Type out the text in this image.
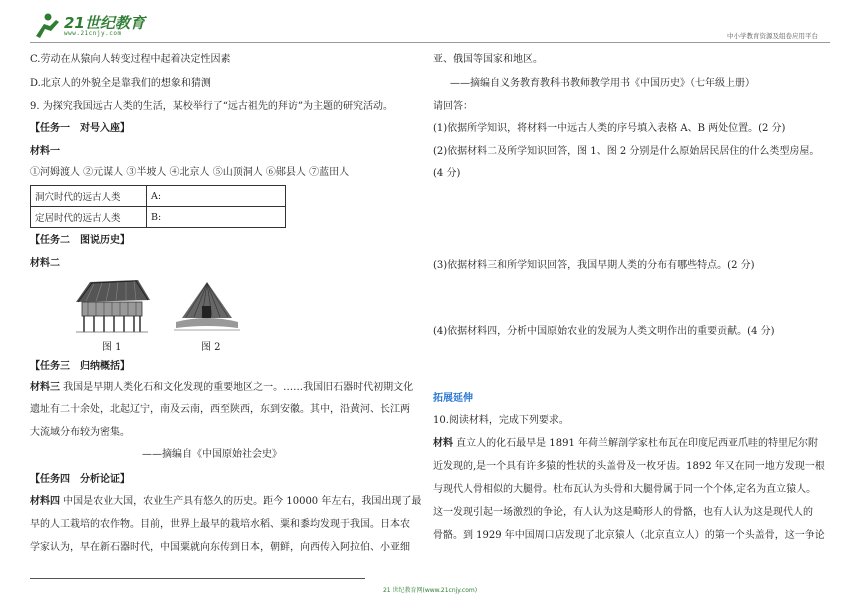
21世纪教育
www.21cnjy.com	中小学教育资源及组卷应用平台
C.劳动在从猿向人转变过程中起着决定性因素
D.北京人的外貌全是靠我们的想象和猜测
9. 为探究我国远古人类的生活，某校举行了“远古祖先的拜访”为主题的研究活动。
【任务一　对号入座】
材料一
①河姆渡人 ②元谋人 ③半坡人 ④北京人 ⑤山顶洞人 ⑥郧县人 ⑦蓝田人
洞穴时代的远古人类	A:
定居时代的远古人类	B:
【任务二　图说历史】
材料二
图 1	图 2
【任务三　归纳概括】
材料三 我国是早期人类化石和文化发现的重要地区之一。……我国旧石器时代初期文化
遗址有二十余处，北起辽宁，南及云南，西至陕西，东到安徽。其中，沿黄河、长江两
大流域分布较为密集。
——摘编自《中国原始社会史》
【任务四　分析论证】
材料四 中国是农业大国，农业生产具有悠久的历史。距今 10000 年左右，我国出现了最
早的人工栽培的农作物。目前，世界上最早的栽培水稻、粟和黍均发现于我国。日本农
学家认为，早在新石器时代，中国粟就向东传到日本，朝鲜，向西传入阿拉伯、小亚细
亚、俄国等国家和地区。
——摘编自义务教育教科书教师教学用书《中国历史》（七年级上册）
请回答：
(1)依据所学知识，将材料一中远古人类的序号填入表格 A、B 两处位置。(2 分)
(2)依据材料二及所学知识回答，图 1、图 2 分别是什么原始居民居住的什么类型房屋。
(4 分)
(3)依据材料三和所学知识回答，我国早期人类的分布有哪些特点。(2 分)
(4)依据材料四，分析中国原始农业的发展为人类文明作出的重要贡献。(4 分)
拓展延伸
10.阅读材料，完成下列要求。
材料 直立人的化石最早是 1891 年荷兰解剖学家杜布瓦在印度尼西亚爪哇的特里尼尔附
近发现的,是一个具有许多猿的性状的头盖骨及一枚牙齿。1892 年又在同一地方发现一根
与现代人骨相似的大腿骨。杜布瓦认为头骨和大腿骨属于同一个个体,定名为直立猿人。
这一发现引起一场激烈的争论，有人认为这是畸形人的骨骼，也有人认为这是现代人的
骨骼。到 1929 年中国周口店发现了北京猿人（北京直立人）的第一个头盖骨，这一争论
21 世纪教育网(www.21cnjy.com)
